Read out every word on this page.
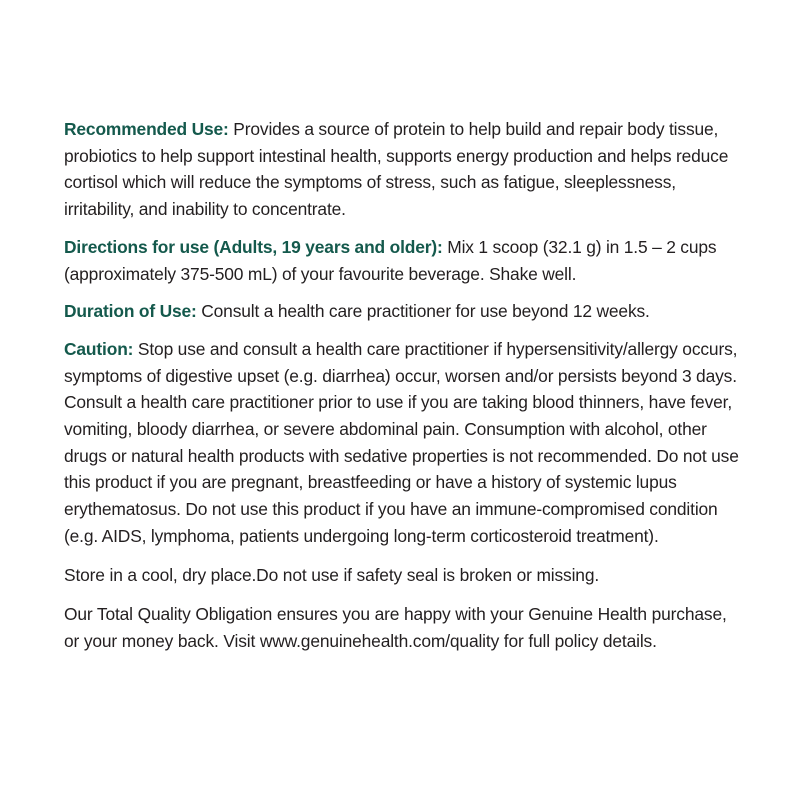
Recommended Use: Provides a source of protein to help build and repair body tissue, probiotics to help support intestinal health, supports energy production and helps reduce cortisol which will reduce the symptoms of stress, such as fatigue, sleeplessness, irritability, and inability to concentrate.

Directions for use (Adults, 19 years and older): Mix 1 scoop (32.1 g) in 1.5 – 2 cups (approximately 375-500 mL) of your favourite beverage. Shake well.

Duration of Use: Consult a health care practitioner for use beyond 12 weeks.

Caution: Stop use and consult a health care practitioner if hypersensitivity/allergy occurs, symptoms of digestive upset (e.g. diarrhea) occur, worsen and/or persists beyond 3 days. Consult a health care practitioner prior to use if you are taking blood thinners, have fever, vomiting, bloody diarrhea, or severe abdominal pain. Consumption with alcohol, other drugs or natural health products with sedative properties is not recommended. Do not use this product if you are pregnant, breastfeeding or have a history of systemic lupus erythematosus. Do not use this product if you have an immune-compromised condition (e.g. AIDS, lymphoma, patients undergoing long-term corticosteroid treatment).

Store in a cool, dry place.Do not use if safety seal is broken or missing.

Our Total Quality Obligation ensures you are happy with your Genuine Health purchase, or your money back. Visit www.genuinehealth.com/quality for full policy details.
